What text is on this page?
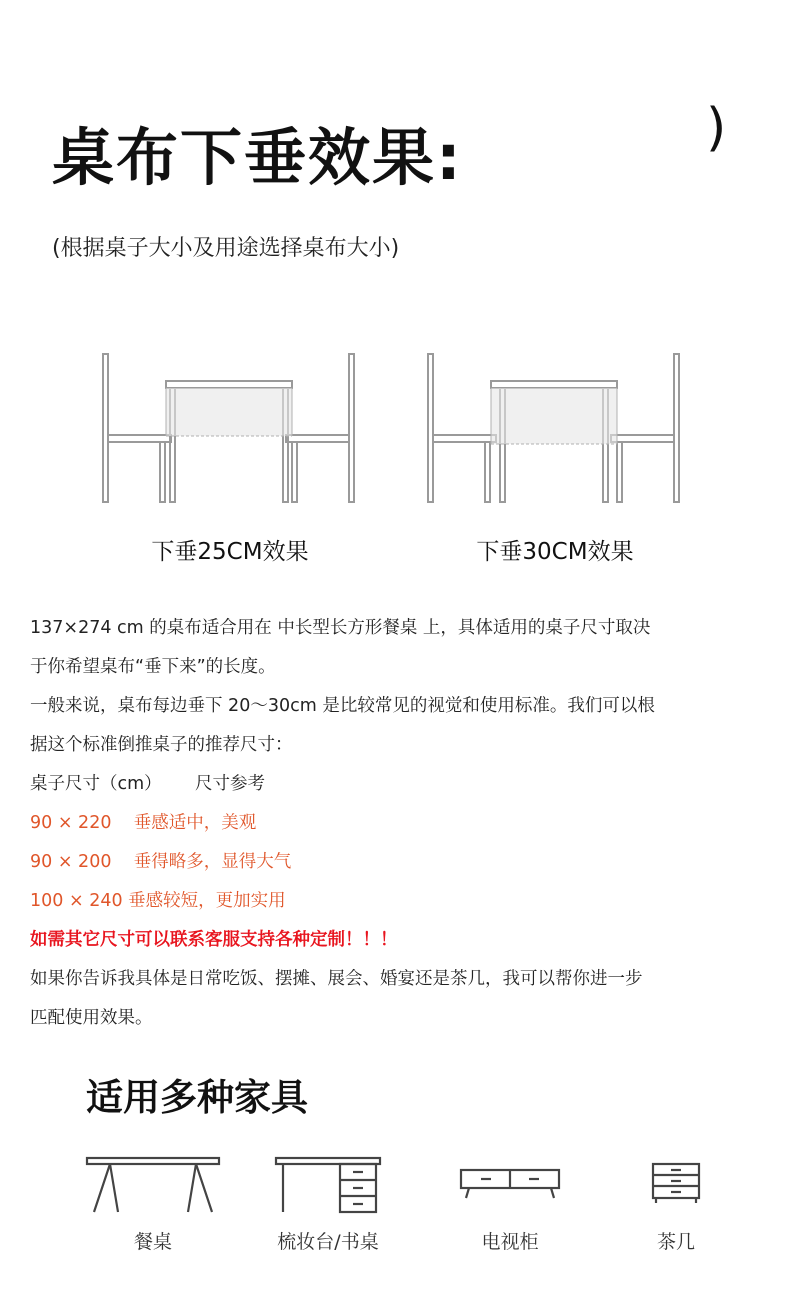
桌布下垂效果:	)
(根据桌子大小及用途选择桌布大小)
下垂25CM效果	下垂30CM效果
137×274 cm 的桌布适合用在 中长型长方形餐桌 上，具体适用的桌子尺寸取决
于你希望桌布“垂下来”的长度。
一般来说，桌布每边垂下 20～30cm 是比较常见的视觉和使用标准。我们可以根
据这个标准倒推桌子的推荐尺寸：
桌子尺寸（cm）      尺寸参考
90 × 220    垂感适中，美观
90 × 200    垂得略多，显得大气
100 × 240 垂感较短，更加实用
如需其它尺寸可以联系客服支持各种定制！！！
如果你告诉我具体是日常吃饭、摆摊、展会、婚宴还是茶几，我可以帮你进一步
匹配使用效果。
适用多种家具
餐桌	梳妆台/书桌	电视柜	茶几
